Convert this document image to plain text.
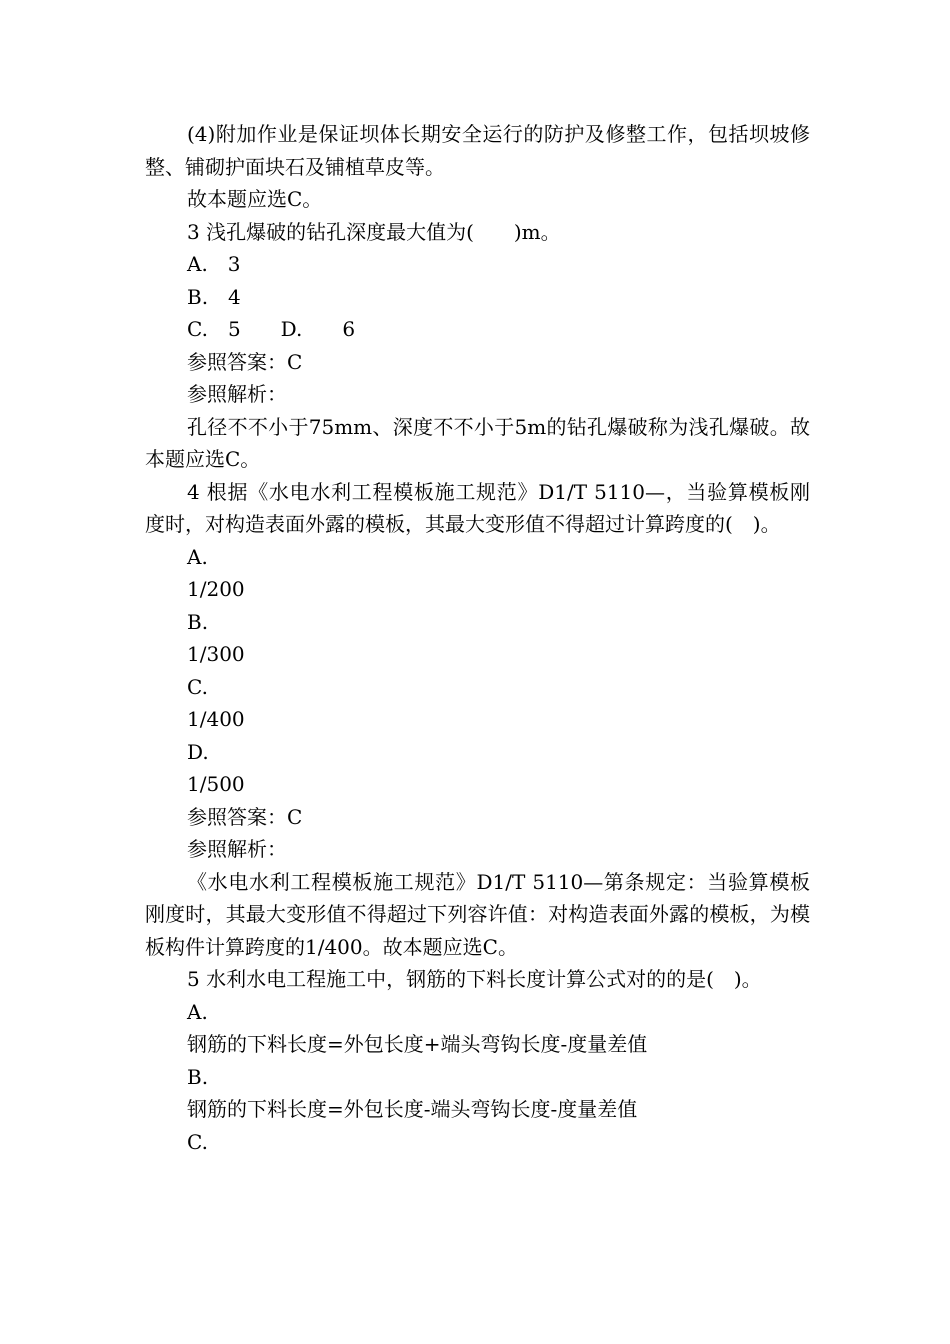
(4)附加作业是保证坝体长期安全运行的防护及修整工作，包括坝坡修整、铺砌护面块石及铺植草皮等。

故本题应选C。

3 浅孔爆破的钻孔深度最大值为(　　)m。

A.　3

B.　4

C.　5　　D.　　6

参照答案：C

参照解析：

孔径不不小于75mm、深度不不小于5m的钻孔爆破称为浅孔爆破。故本题应选C。

4 根据《水电水利工程模板施工规范》D1/T 5110—，当验算模板刚度时，对构造表面外露的模板，其最大变形值不得超过计算跨度的(　)。

A.

1/200

B.

1/300

C.

1/400

D.

1/500

参照答案：C

参照解析：

《水电水利工程模板施工规范》D1/T 5110—第条规定：当验算模板刚度时，其最大变形值不得超过下列容许值：对构造表面外露的模板，为模板构件计算跨度的1/400。故本题应选C。

5 水利水电工程施工中，钢筋的下料长度计算公式对的的是(　)。

A.

钢筋的下料长度=外包长度+端头弯钩长度-度量差值

B.

钢筋的下料长度=外包长度-端头弯钩长度-度量差值

C.
